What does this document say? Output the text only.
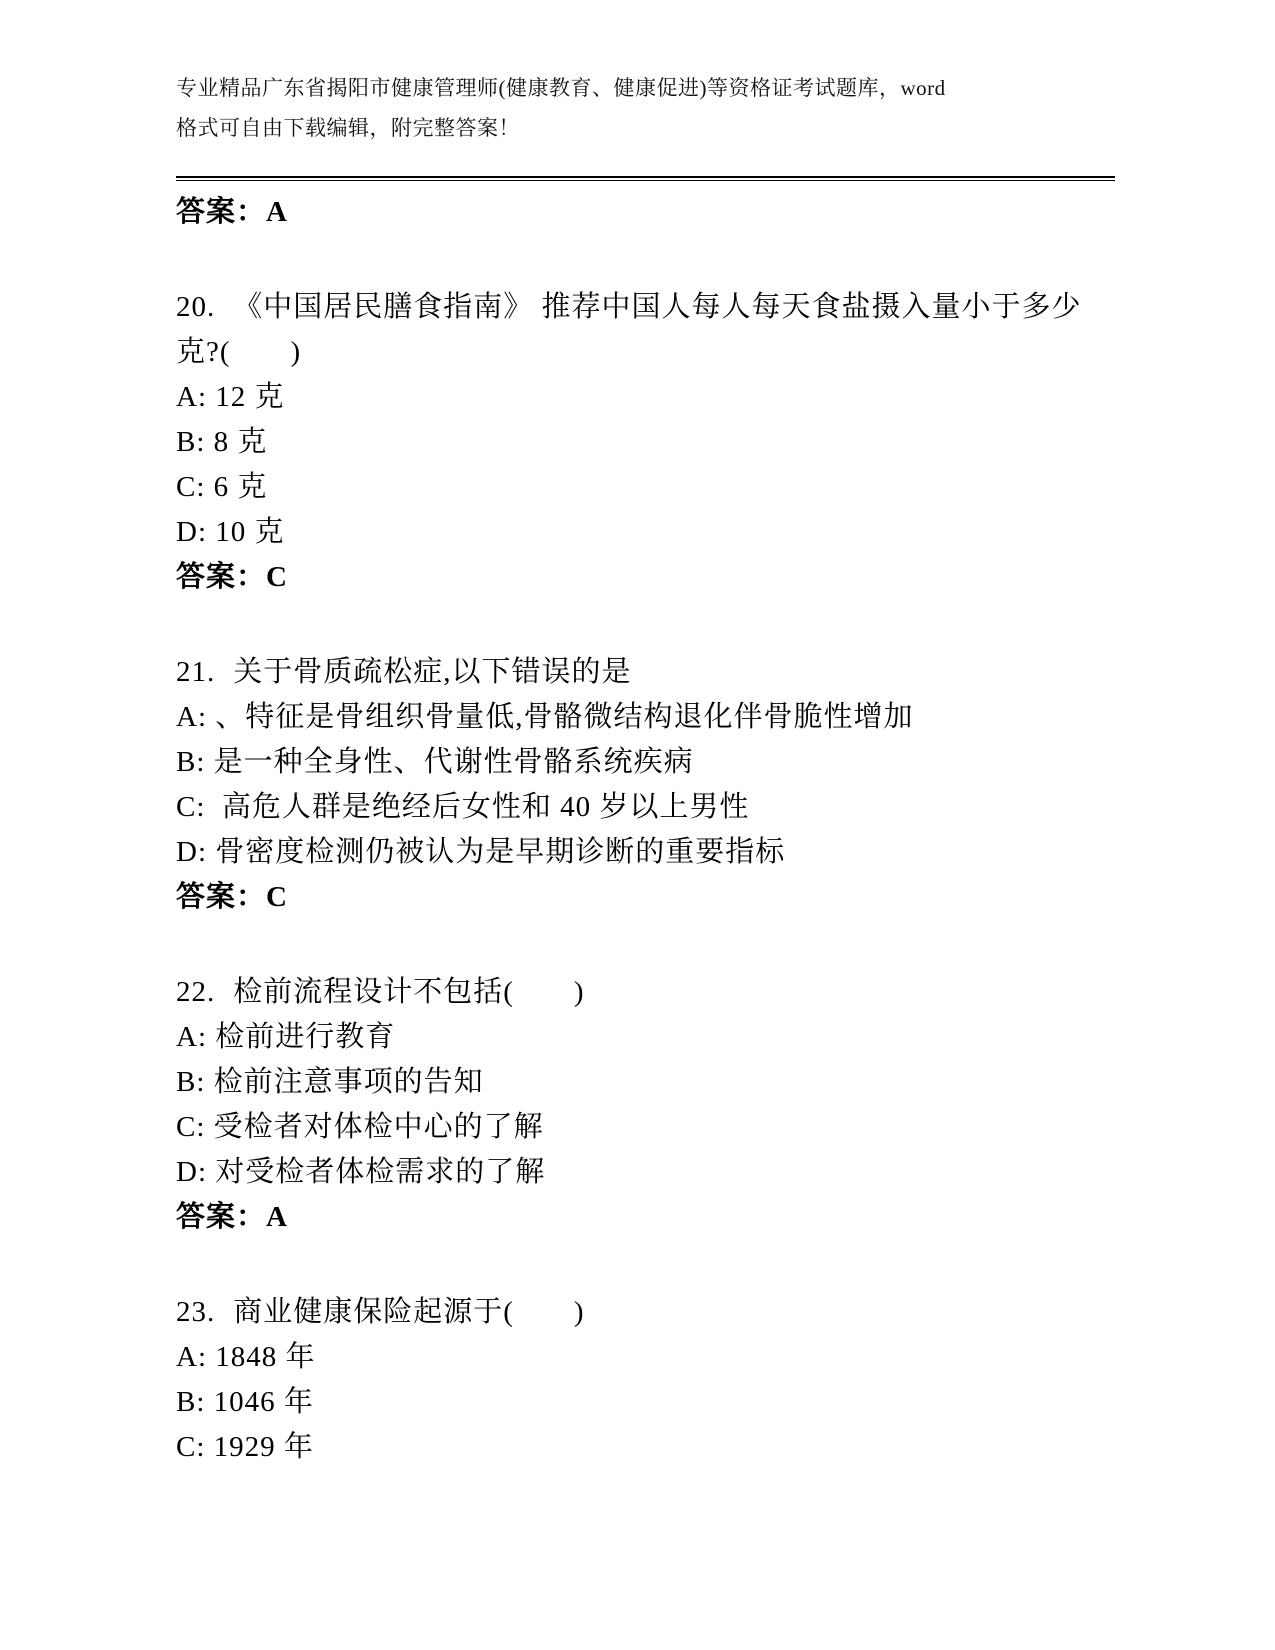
专业精品广东省揭阳市健康管理师(健康教育、健康促进)等资格证考试题库，word
格式可自由下载编辑，附完整答案！

答案：A

20. 《中国居民膳食指南》 推荐中国人每人每天食盐摄入量小于多少克?(　　)

A: 12 克

B: 8 克

C: 6 克

D: 10 克

答案：C

21. 关于骨质疏松症,以下错误的是

A: 、特征是骨组织骨量低,骨骼微结构退化伴骨脆性增加

B: 是一种全身性、代谢性骨骼系统疾病

C:  高危人群是绝经后女性和 40 岁以上男性

D: 骨密度检测仍被认为是早期诊断的重要指标

答案：C

22. 检前流程设计不包括(　　)

A: 检前进行教育

B: 检前注意事项的告知

C: 受检者对体检中心的了解

D: 对受检者体检需求的了解

答案：A

23. 商业健康保险起源于(　　)

A: 1848 年

B: 1046 年

C: 1929 年
